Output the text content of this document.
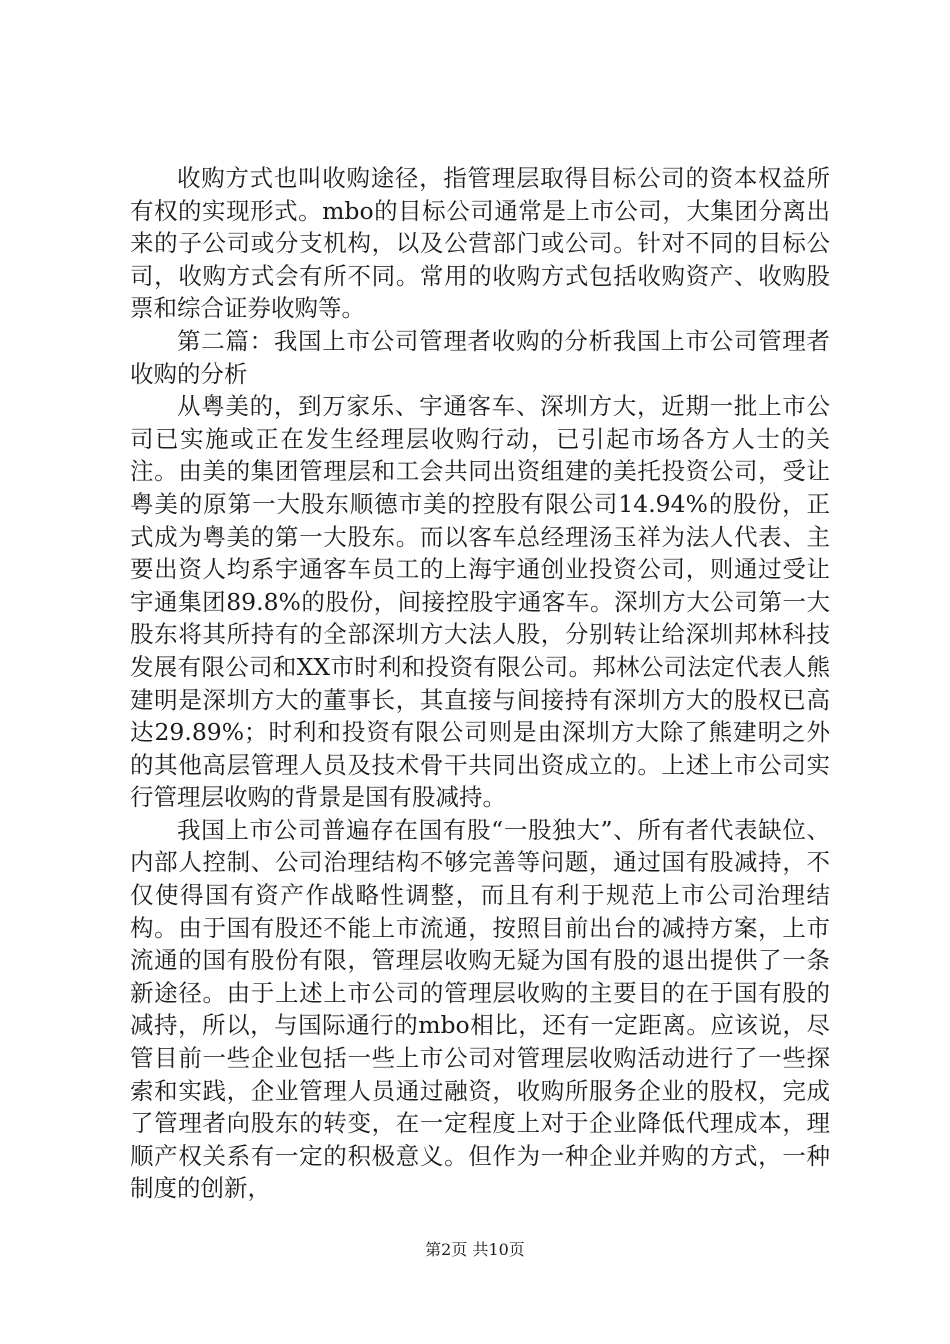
收购方式也叫收购途径，指管理层取得目标公司的资本权益所有权的实现形式。mbo的目标公司通常是上市公司，大集团分离出来的子公司或分支机构，以及公营部门或公司。针对不同的目标公司，收购方式会有所不同。常用的收购方式包括收购资产、收购股票和综合证券收购等。

第二篇：我国上市公司管理者收购的分析我国上市公司管理者收购的分析

从粤美的，到万家乐、宇通客车、深圳方大，近期一批上市公司已实施或正在发生经理层收购行动，已引起市场各方人士的关注。由美的集团管理层和工会共同出资组建的美托投资公司，受让粤美的原第一大股东顺德市美的控股有限公司14.94%的股份，正式成为粤美的第一大股东。而以客车总经理汤玉祥为法人代表、主要出资人均系宇通客车员工的上海宇通创业投资公司，则通过受让宇通集团89.8%的股份，间接控股宇通客车。深圳方大公司第一大股东将其所持有的全部深圳方大法人股，分别转让给深圳邦林科技发展有限公司和XX市时利和投资有限公司。邦林公司法定代表人熊建明是深圳方大的董事长，其直接与间接持有深圳方大的股权已高达29.89%；时利和投资有限公司则是由深圳方大除了熊建明之外的其他高层管理人员及技术骨干共同出资成立的。上述上市公司实行管理层收购的背景是国有股减持。

我国上市公司普遍存在国有股“一股独大”、所有者代表缺位、内部人控制、公司治理结构不够完善等问题，通过国有股减持，不仅使得国有资产作战略性调整，而且有利于规范上市公司治理结构。由于国有股还不能上市流通，按照目前出台的减持方案，上市流通的国有股份有限，管理层收购无疑为国有股的退出提供了一条新途径。由于上述上市公司的管理层收购的主要目的在于国有股的减持，所以，与国际通行的mbo相比，还有一定距离。应该说，尽管目前一些企业包括一些上市公司对管理层收购活动进行了一些探索和实践，企业管理人员通过融资，收购所服务企业的股权，完成了管理者向股东的转变，在一定程度上对于企业降低代理成本，理顺产权关系有一定的积极意义。但作为一种企业并购的方式，一种制度的创新，

第2页 共10页
